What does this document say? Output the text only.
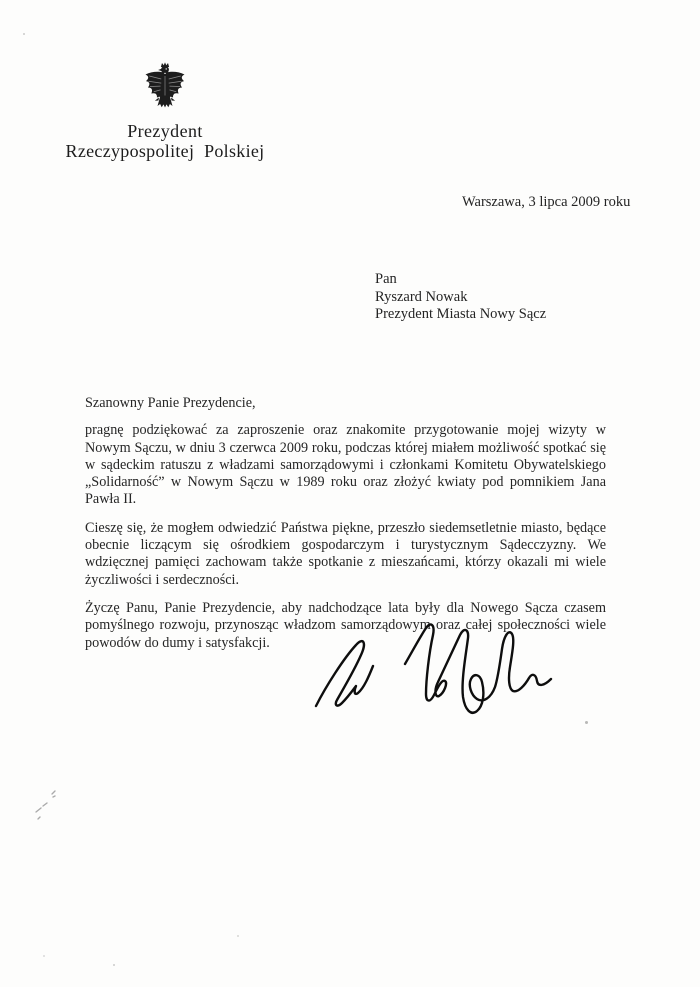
Prezydent
Rzeczypospolitej Polskiej
Warszawa, 3 lipca 2009 roku
Pan
Ryszard Nowak
Prezydent Miasta Nowy Sącz

Szanowny Panie Prezydencie,

pragnę podziękować za zaproszenie oraz znakomite przygotowanie mojej wizyty w Nowym Sączu, w dniu 3 czerwca 2009 roku, podczas której miałem możliwość spotkać się w sądeckim ratuszu z władzami samorządowymi i członkami Komitetu Obywatelskiego „Solidarność” w Nowym Sączu w 1989 roku oraz złożyć kwiaty pod pomnikiem Jana Pawła II.

Cieszę się, że mogłem odwiedzić Państwa piękne, przeszło siedemsetletnie miasto, będące obecnie liczącym się ośrodkiem gospodarczym i turystycznym Sądecczyzny. We wdzięcznej pamięci zachowam także spotkanie z mieszańcami, którzy okazali mi wiele życzliwości i serdeczności.

Życzę Panu, Panie Prezydencie, aby nadchodzące lata były dla Nowego Sącza czasem pomyślnego rozwoju, przynosząc władzom samorządowym oraz całej społeczności wiele powodów do dumy i satysfakcji.
